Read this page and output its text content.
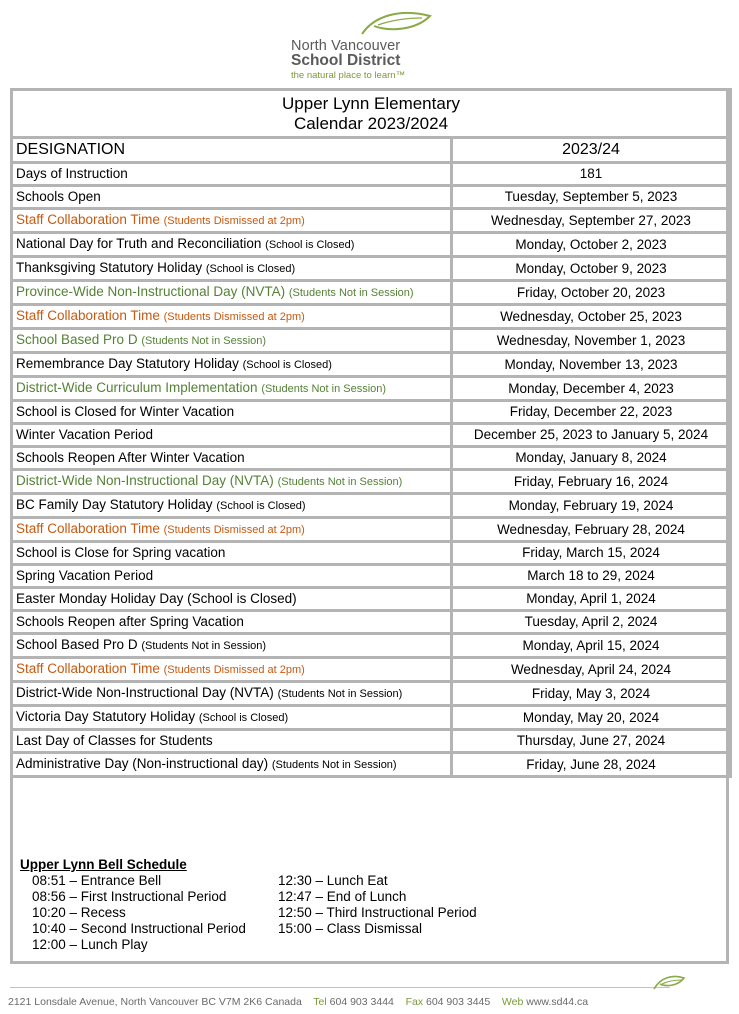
North Vancouver
School District
the natural place to learn™
Upper Lynn Elementary
Calendar 2023/2024	

DESIGNATION	2023/24
Days of Instruction	181
Schools Open	Tuesday, September 5, 2023
Staff Collaboration Time (Students Dismissed at 2pm)	Wednesday, September 27, 2023
National Day for Truth and Reconciliation (School is Closed)	Monday, October 2, 2023
Thanksgiving Statutory Holiday (School is Closed)	Monday, October 9, 2023
Province-Wide Non-Instructional Day (NVTA) (Students Not in Session)	Friday, October 20, 2023
Staff Collaboration Time (Students Dismissed at 2pm)	Wednesday, October 25, 2023
School Based Pro D (Students Not in Session)	Wednesday, November 1, 2023
Remembrance Day Statutory Holiday (School is Closed)	Monday, November 13, 2023
District-Wide Curriculum Implementation (Students Not in Session)	Monday, December 4, 2023
School is Closed for Winter Vacation	Friday, December 22, 2023
Winter Vacation Period	December 25, 2023 to January 5, 2024
Schools Reopen After Winter Vacation	Monday, January 8, 2024
District-Wide Non-Instructional Day (NVTA) (Students Not in Session)	Friday, February 16, 2024
BC Family Day Statutory Holiday (School is Closed)	Monday, February 19, 2024
Staff Collaboration Time (Students Dismissed at 2pm)	Wednesday, February 28, 2024
School is Close for Spring vacation	Friday, March 15, 2024
Spring Vacation Period	March 18 to 29, 2024
Easter Monday Holiday Day (School is Closed)	Monday, April 1, 2024
Schools Reopen after Spring Vacation	Tuesday, April 2, 2024
School Based Pro D (Students Not in Session)	Monday, April 15, 2024
Staff Collaboration Time (Students Dismissed at 2pm)	Wednesday, April 24, 2024
District-Wide Non-Instructional Day (NVTA) (Students Not in Session)	Friday, May 3, 2024
Victoria Day Statutory Holiday (School is Closed)	Monday, May 20, 2024
Last Day of Classes for Students	Thursday, June 27, 2024
Administrative Day (Non-instructional day) (Students Not in Session)	Friday, June 28, 2024
Upper Lynn Bell Schedule
08:51 – Entrance Bell
08:56 – First Instructional Period
10:20 – Recess
10:40 – Second Instructional Period
12:00 – Lunch Play
12:30 – Lunch Eat
12:47 – End of Lunch
12:50 – Third Instructional Period
15:00 – Class Dismissal
2121 Lonsdale Avenue, North Vancouver BC V7M 2K6 Canada Tel 604 903 3444 Fax 604 903 3445 Web www.sd44.ca
